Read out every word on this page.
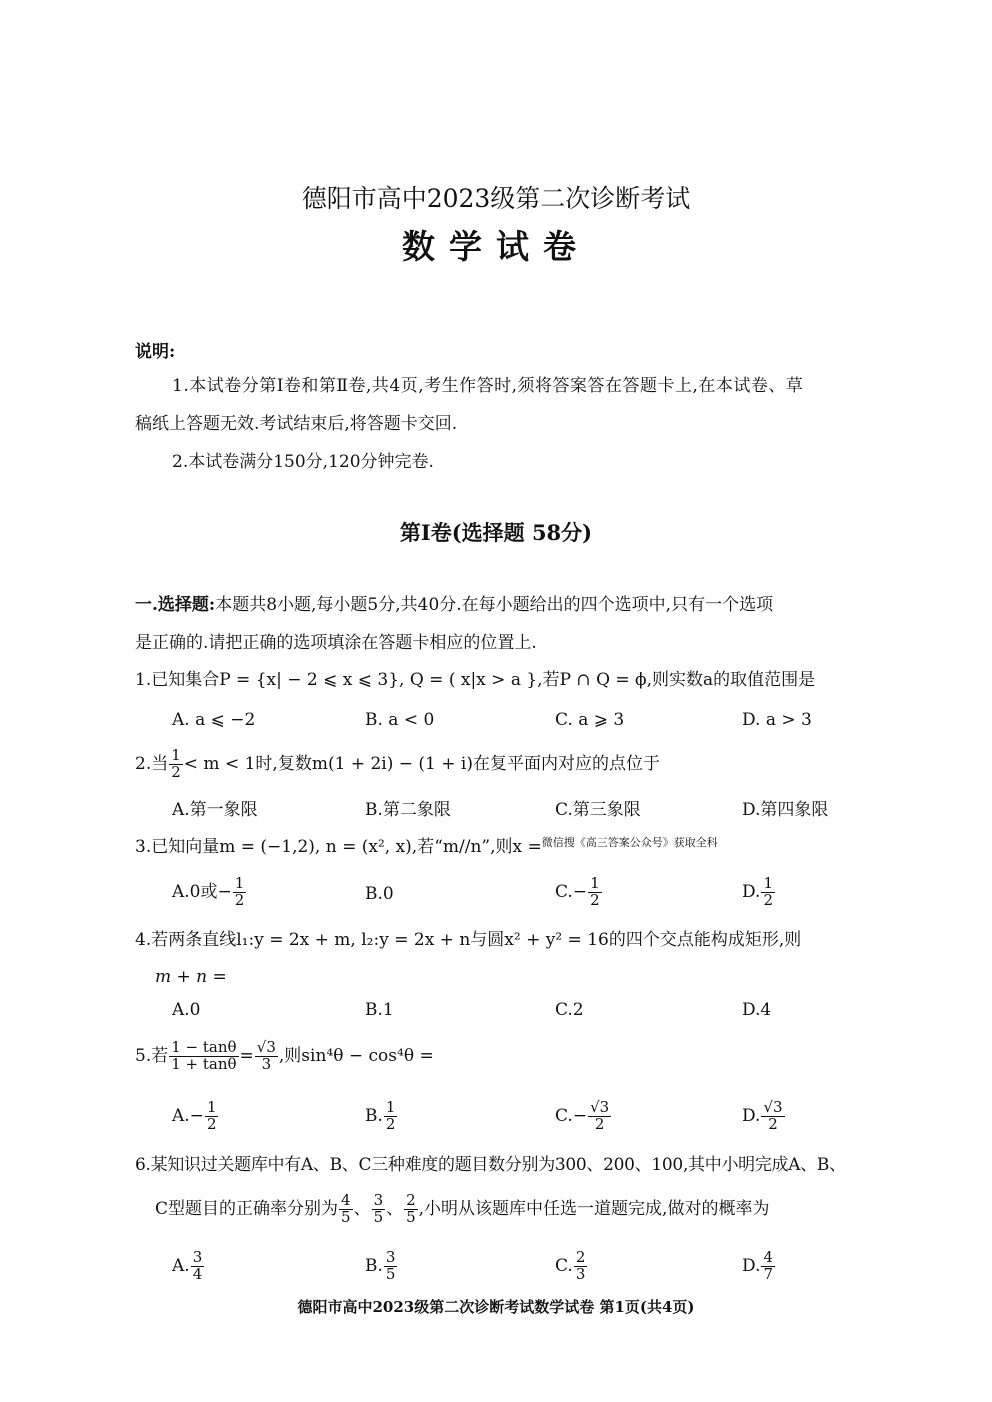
德阳市高中2023级第二次诊断考试
数学试卷
说明:
1.本试卷分第Ⅰ卷和第Ⅱ卷,共4页,考生作答时,须将答案答在答题卡上,在本试卷、草
稿纸上答题无效.考试结束后,将答题卡交回.
2.本试卷满分150分,120分钟完卷.
第Ⅰ卷(选择题 58分)
一.选择题:本题共8小题,每小题5分,共40分.在每小题给出的四个选项中,只有一个选项
是正确的.请把正确的选项填涂在答题卡相应的位置上.
1.已知集合P = {x| − 2 ⩽ x ⩽ 3}, Q = ( x|x > a },若P ∩ Q = ϕ,则实数a的取值范围是
A. a ⩽ −2	B. a < 0	C. a ⩾ 3	D. a > 3
2.当 $\frac{1}{2} < m < 1$时,复数m(1 + 2i) − (1 + i)在复平面内对应的点位于
A.第一象限	B.第二象限	C.第三象限	D.第四象限
3.已知向量m = (−1,2), n = (x², x),若“m//n”,则x =$^{微信搜《高三答案公众号》获取全科}$
A.0或− $\frac{1}{2}$	B.0	$C.- \frac{1}{2}$	D. $\frac{1}{2}$
4.若两条直线l₁:y = 2x + m, l₂:y = 2x + n与圆x² + y² = 16的四个交点能构成矩形,则
m + n =
A.0	B.1	C.2	D.4
5.若 $\frac{1 - \tan\theta}{1 + \tan\theta} = \frac{√3}{3}$ ,则sin⁴θ − cos⁴θ =
$A.- \frac{1}{2}$	B. $\frac{1}{2}$	$C.- \frac{√3}{2}$	D. $\frac{√3}{2}$
6.某知识过关题库中有A、B、C三种难度的题目数分别为300、200、100,其中小明完成A、B、
C型题目的正确率分别为 $\frac{4}{5}$ 、 $\frac{3}{5}$ 、 $\frac{2}{5}$ ,小明从该题库中任选一道题完成,做对的概率为
A. $\frac{3}{4}$	B. $\frac{3}{5}$	C. $\frac{2}{3}$	D. $\frac{4}{7}$
德阳市高中2023级第二次诊断考试数学试卷 第1页(共4页)
